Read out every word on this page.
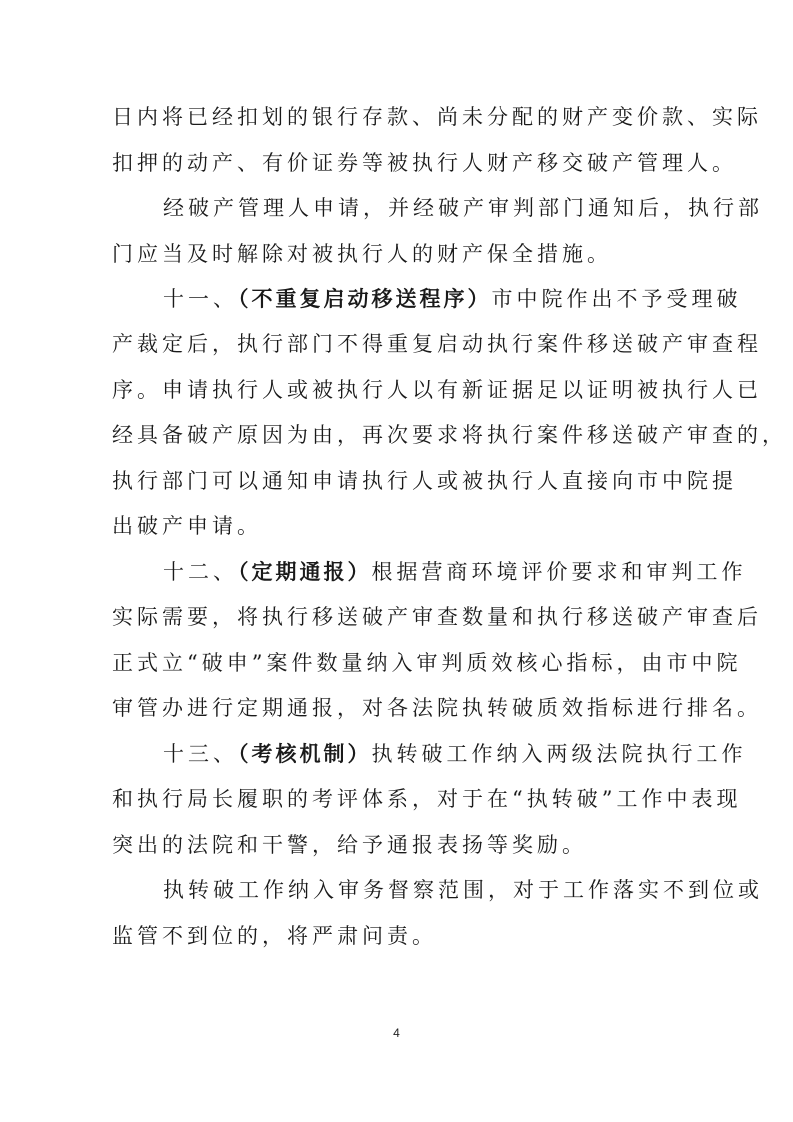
日内将已经扣划的银行存款、尚未分配的财产变价款、实际
扣押的动产、有价证券等被执行人财产移交破产管理人。
经破产管理人申请，并经破产审判部门通知后，执行部
门应当及时解除对被执行人的财产保全措施。
十一、（不重复启动移送程序）市中院作出不予受理破
产裁定后，执行部门不得重复启动执行案件移送破产审查程
序。申请执行人或被执行人以有新证据足以证明被执行人已
经具备破产原因为由，再次要求将执行案件移送破产审查的，
执行部门可以通知申请执行人或被执行人直接向市中院提
出破产申请。
十二、（定期通报）根据营商环境评价要求和审判工作
实际需要，将执行移送破产审查数量和执行移送破产审查后
正式立“破申”案件数量纳入审判质效核心指标，由市中院
审管办进行定期通报，对各法院执转破质效指标进行排名。
十三、（考核机制）执转破工作纳入两级法院执行工作
和执行局长履职的考评体系，对于在“执转破”工作中表现
突出的法院和干警，给予通报表扬等奖励。
执转破工作纳入审务督察范围，对于工作落实不到位或
监管不到位的，将严肃问责。
4
